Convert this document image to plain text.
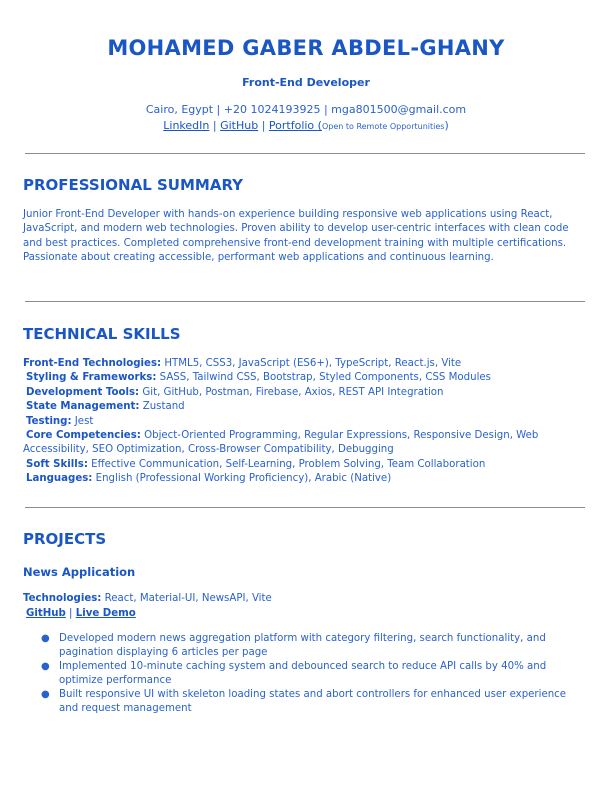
MOHAMED GABER ABDEL-GHANY
Front-End Developer
Cairo, Egypt | +20 1024193925 | mga801500@gmail.com
LinkedIn | GitHub | Portfolio (Open to Remote Opportunities)
PROFESSIONAL SUMMARY
Junior Front-End Developer with hands-on experience building responsive web applications using React, JavaScript, and modern web technologies. Proven ability to develop user-centric interfaces with clean code and best practices. Completed comprehensive front-end development training with multiple certifications. Passionate about creating accessible, performant web applications and continuous learning.
TECHNICAL SKILLS
Front-End Technologies: HTML5, CSS3, JavaScript (ES6+), TypeScript, React.js, Vite
Styling & Frameworks: SASS, Tailwind CSS, Bootstrap, Styled Components, CSS Modules
Development Tools: Git, GitHub, Postman, Firebase, Axios, REST API Integration
State Management: Zustand
Testing: Jest
Core Competencies: Object-Oriented Programming, Regular Expressions, Responsive Design, Web Accessibility, SEO Optimization, Cross-Browser Compatibility, Debugging
Soft Skills: Effective Communication, Self-Learning, Problem Solving, Team Collaboration
Languages: English (Professional Working Proficiency), Arabic (Native)
PROJECTS
News Application
Technologies: React, Material-UI, NewsAPI, Vite
GitHub | Live Demo
● Developed modern news aggregation platform with category filtering, search functionality, and pagination displaying 6 articles per page
● Implemented 10-minute caching system and debounced search to reduce API calls by 40% and optimize performance
● Built responsive UI with skeleton loading states and abort controllers for enhanced user experience and request management
